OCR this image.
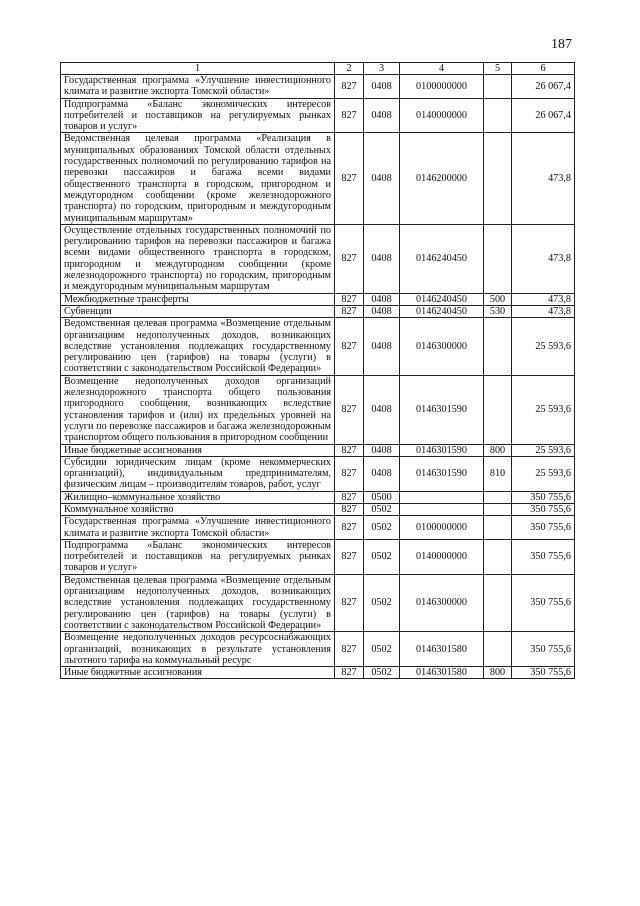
187
1	2	3	4	5	6
Государственная программа «Улучшение инвестиционного климата и развитие экспорта Томской области»	827	0408	0100000000		26 067,4
Подпрограмма «Баланс экономических интересов потребителей и поставщиков на регулируемых рынках товаров и услуг»	827	0408	0140000000		26 067,4
Ведомственная целевая программа «Реализация в муниципальных образованиях Томской области отдельных государственных полномочий по регулированию тарифов на перевозки пассажиров и багажа всеми видами общественного транспорта в городском, пригородном и междугородном сообщении (кроме железнодорожного транспорта) по городским, пригородным и междугородным муниципальным маршрутам»	827	0408	0146200000		473,8
Осуществление отдельных государственных полномочий по регулированию тарифов на перевозки пассажиров и багажа всеми видами общественного транспорта в городском, пригородном и междугородном сообщении (кроме железнодорожного транспорта) по городским, пригородным и междугородным муниципальным маршрутам	827	0408	0146240450		473,8
Межбюджетные трансферты	827	0408	0146240450	500	473,8
Субвенции	827	0408	0146240450	530	473,8
Ведомственная целевая программа «Возмещение отдельным организациям недополученных доходов, возникающих вследствие установления подлежащих государственному регулированию цен (тарифов) на товары (услуги) в соответствии с законодательством Российской Федерации»	827	0408	0146300000		25 593,6
Возмещение недополученных доходов организаций железнодорожного транспорта общего пользования пригородного сообщения, возникающих вследствие установления тарифов и (или) их предельных уровней на услуги по перевозке пассажиров и багажа железнодорожным транспортом общего пользования в пригородном сообщении	827	0408	0146301590		25 593,6
Иные бюджетные ассигнования	827	0408	0146301590	800	25 593,6
Субсидии юридическим лицам (кроме некоммерческих организаций), индивидуальным предпринимателям, физическим лицам – производителям товаров, работ, услуг	827	0408	0146301590	810	25 593,6
Жилищно–коммунальное хозяйство	827	0500			350 755,6
Коммунальное хозяйство	827	0502			350 755,6
Государственная программа «Улучшение инвестиционного климата и развитие экспорта Томской области»	827	0502	0100000000		350 755,6
Подпрограмма «Баланс экономических интересов потребителей и поставщиков на регулируемых рынках товаров и услуг»	827	0502	0140000000		350 755,6
Ведомственная целевая программа «Возмещение отдельным организациям недополученных доходов, возникающих вследствие установления подлежащих государственному регулированию цен (тарифов) на товары (услуги) в соответствии с законодательством Российской Федерации»	827	0502	0146300000		350 755,6
Возмещение недополученных доходов ресурсоснабжающих организаций, возникающих в результате установления льготного тарифа на коммунальный ресурс	827	0502	0146301580		350 755,6
Иные бюджетные ассигнования	827	0502	0146301580	800	350 755,6
